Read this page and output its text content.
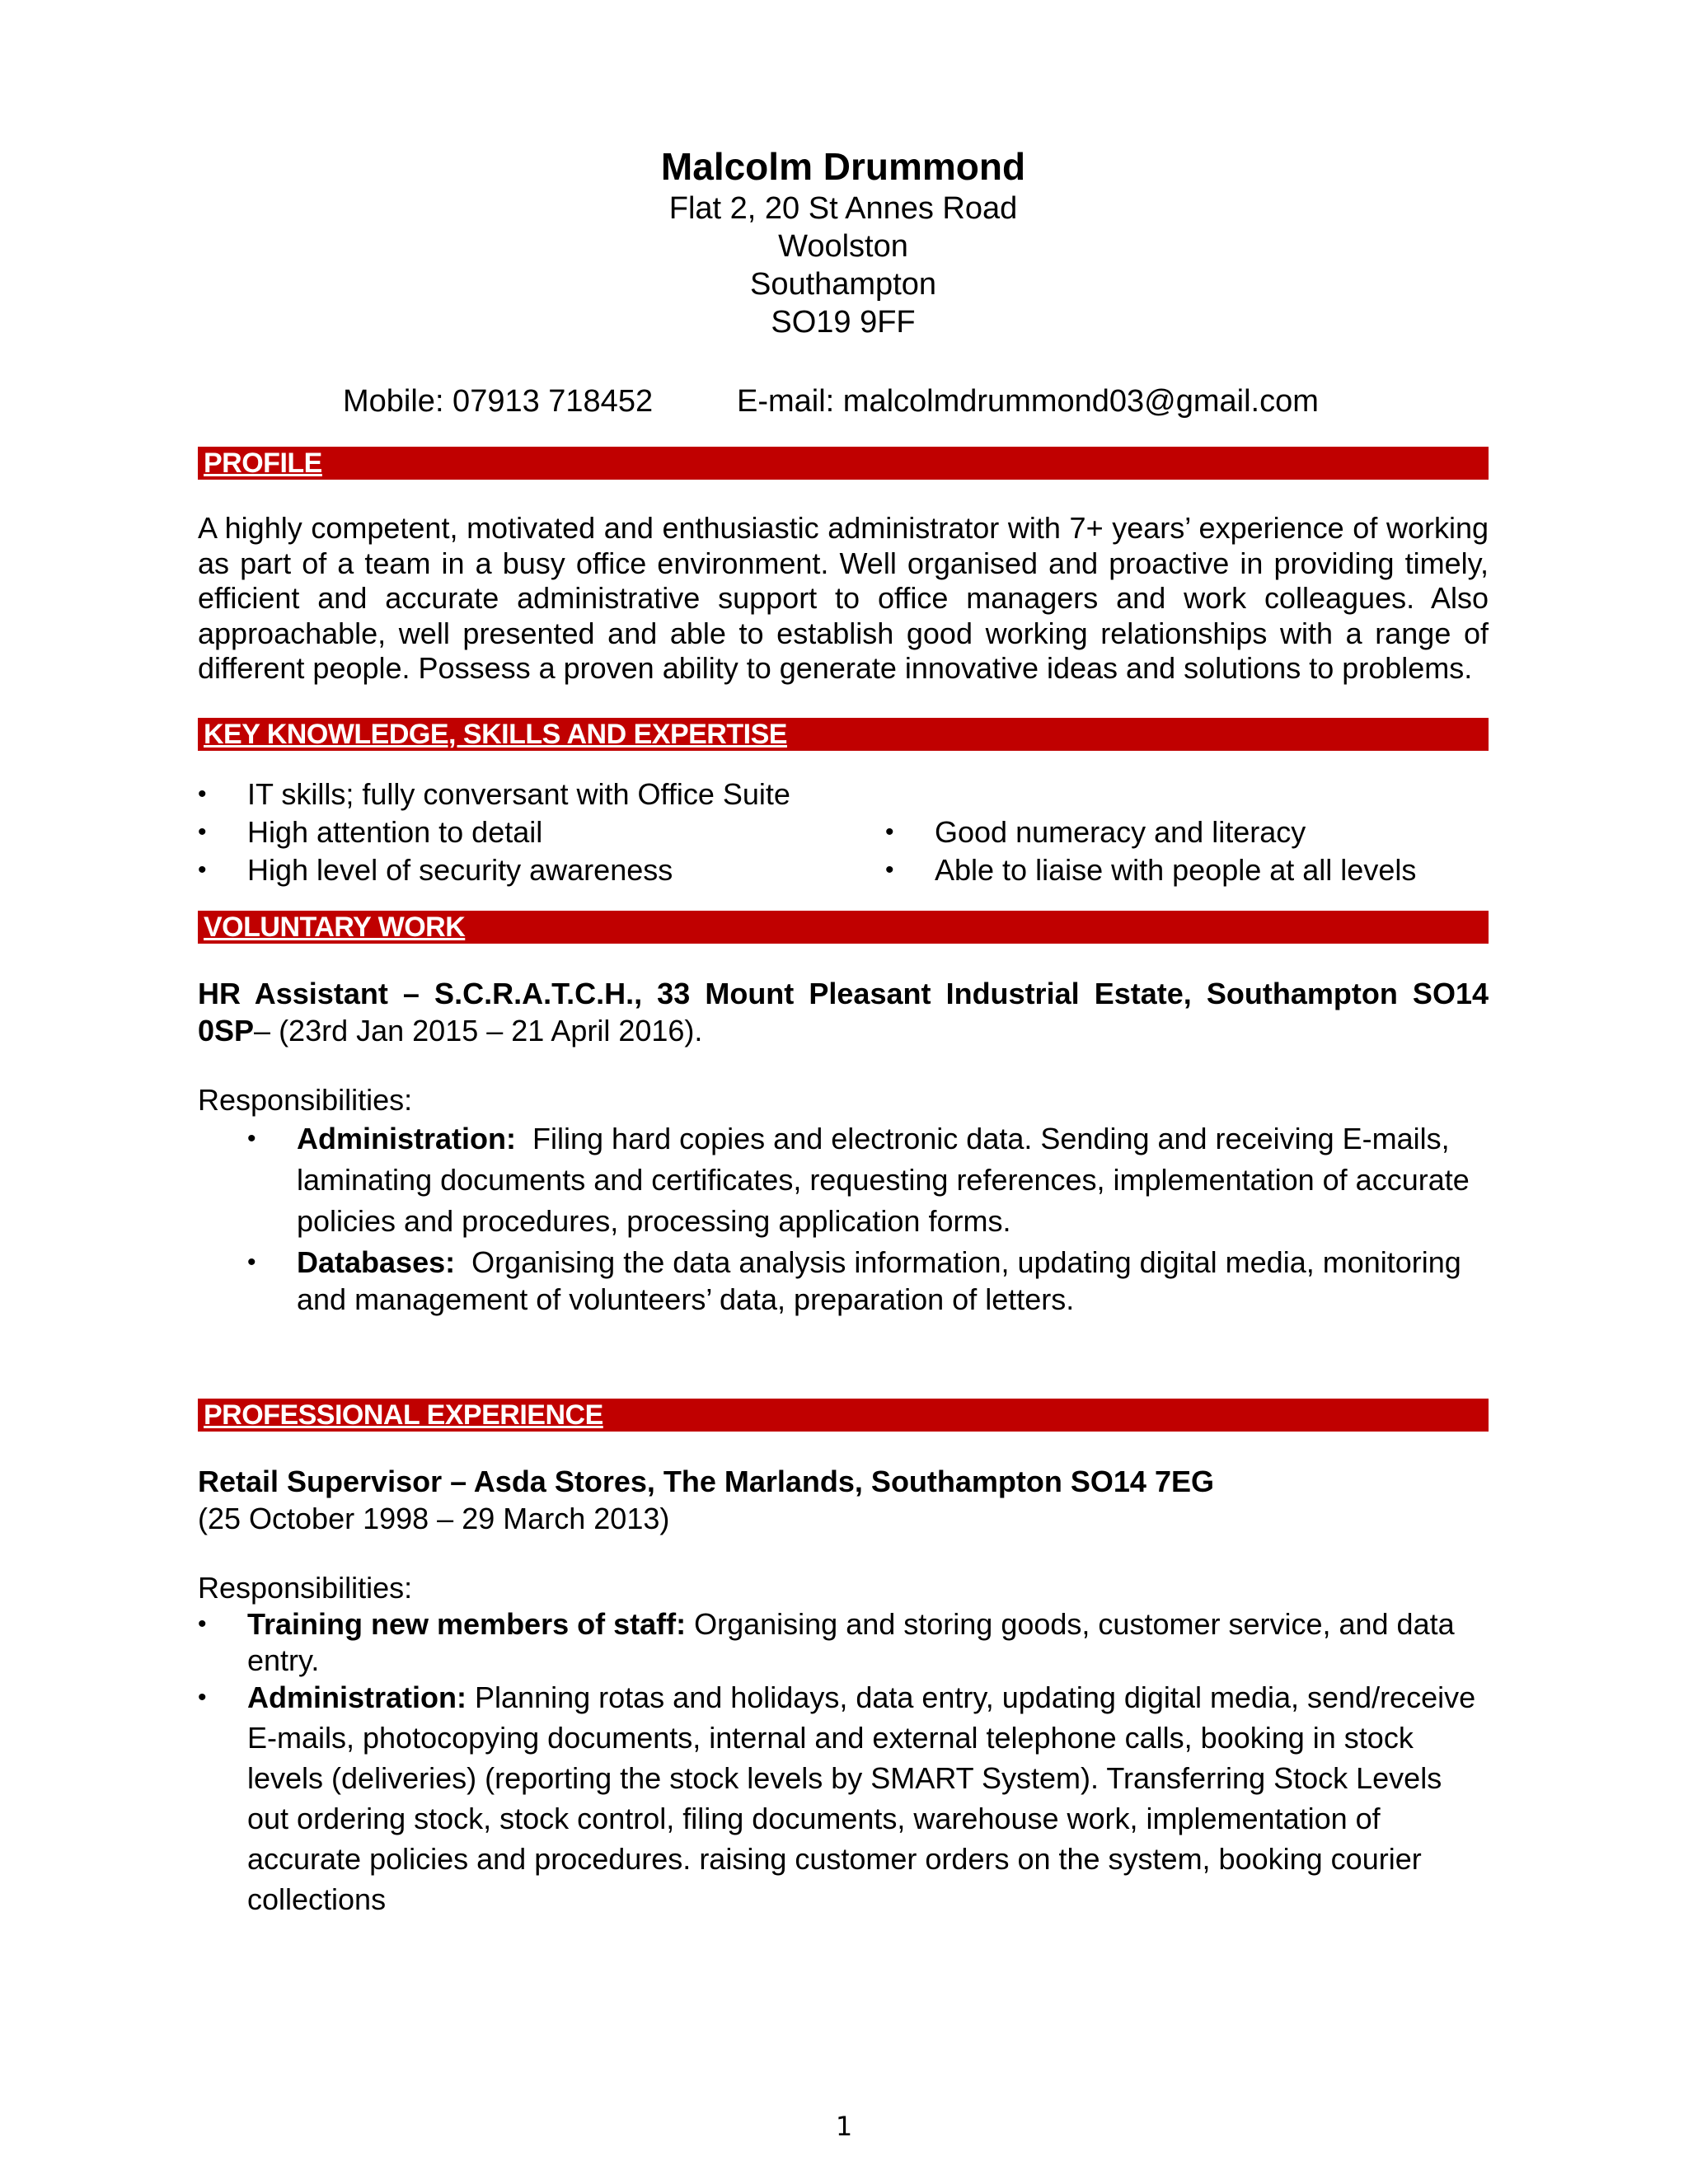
Malcolm Drummond
Flat 2, 20 St Annes Road
Woolston
Southampton
SO19 9FF
Mobile: 07913 718452	E-mail: malcolmdrummond03@gmail.com
PROFILE
A highly competent, motivated and enthusiastic administrator with 7+ years’ experience of working as part of a team in a busy office environment. Well organised and proactive in providing timely, efficient and accurate administrative support to office managers and work colleagues. Also approachable, well presented and able to establish good working relationships with a range of different people. Possess a proven ability to generate innovative ideas and solutions to problems.
KEY KNOWLEDGE, SKILLS AND EXPERTISE
• IT skills; fully conversant with Office Suite
• High attention to detail
• High level of security awareness
• Good numeracy and literacy
• Able to liaise with people at all levels
VOLUNTARY WORK
HR Assistant – S.C.R.A.T.C.H., 33 Mount Pleasant Industrial Estate, Southampton SO14 0SP– (23rd Jan 2015 – 21 April 2016).
Responsibilities:
• Administration: Filing hard copies and electronic data. Sending and receiving E-mails, laminating documents and certificates, requesting references, implementation of accurate policies and procedures, processing application forms.
• Databases: Organising the data analysis information, updating digital media, monitoring and management of volunteers’ data, preparation of letters.
PROFESSIONAL EXPERIENCE
Retail Supervisor – Asda Stores, The Marlands, Southampton SO14 7EG
(25 October 1998 – 29 March 2013)
Responsibilities:
• Training new members of staff: Organising and storing goods, customer service, and data entry.
• Administration: Planning rotas and holidays, data entry, updating digital media, send/receive E-mails, photocopying documents, internal and external telephone calls, booking in stock levels (deliveries) (reporting the stock levels by SMART System). Transferring Stock Levels out ordering stock, stock control, filing documents, warehouse work, implementation of accurate policies and procedures. raising customer orders on the system, booking courier collections
1
